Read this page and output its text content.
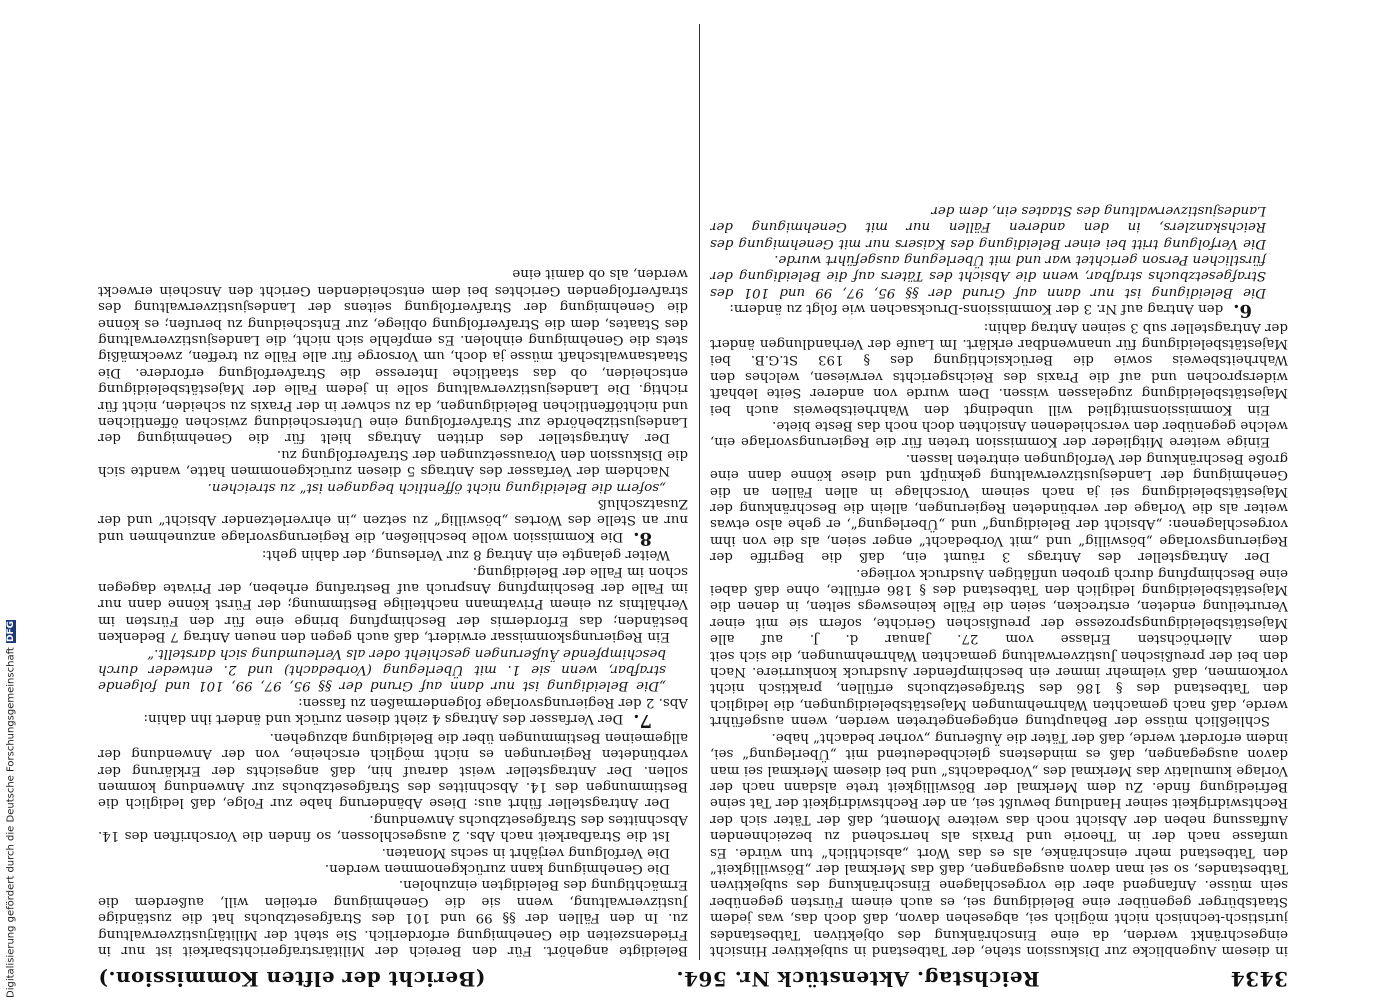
3434
Reichstag. Aktenstück Nr. 564.
(Bericht der elften Kommission.)

in diesem Augenblicke zur Diskussion stehe, der Tatbestand in subjektiver Hinsicht eingeschränkt werden, da eine Einschränkung des objektiven Tatbestandes juristisch-technisch nicht möglich sei, abgesehen davon, daß doch das, was jedem Staatsbürger gegenüber eine Beleidigung sei, es auch einem Fürsten gegenüber sein müsse. Anfangend aber die vorgeschlagene Einschränkung des subjektiven Tatbestandes, so sei man davon ausgegangen, daß das Merkmal der „Böswilligkeit“ den Tatbestand mehr einschränke, als es das Wort „absichtlich“ tun würde. Es umfasse nach der in Theorie und Praxis als herrschend zu bezeichnenden Auffassung neben der Absicht noch das weitere Moment, daß der Täter sich der Rechtswidrigkeit seiner Handlung bewußt sei, an der Rechtswidrigkeit der Tat seine Befriedigung finde. Zu dem Merkmal der Böswilligkeit trete alsdann nach der Vorlage kumulativ das Merkmal des „Vorbedachts“ und bei diesem Merkmal sei man davon ausgegangen, daß es mindestens gleichbedeutend mit „Überlegung“ sei, indem erfordert werde, daß der Täter die Äußerung „vorher bedacht“ habe.

Schließlich müsse der Behauptung entgegengetreten werden, wenn ausgeführt werde, daß nach gemachten Wahrnehmungen Majestätsbeleidigungen, die lediglich den Tatbestand des § 186 des Strafgesetzbuchs erfüllen, praktisch nicht vorkommen, daß vielmehr immer ein beschimpfender Ausdruck konkurriere. Nach den bei der preußischen Justizverwaltung gemachten Wahrnehmungen, die sich seit dem Allerhöchsten Erlasse vom 27. Januar d. J. auf alle Majestätsbeleidigungsprozesse der preußischen Gerichte, sofern sie mit einer Verurteilung endeten, erstrecken, seien die Fälle keineswegs selten, in denen die Majestätsbeleidigung lediglich den Tatbestand des § 186 erfüllte, ohne daß dabei eine Beschimpfung durch groben unflätigen Ausdruck vorliege.

Der Antragsteller des Antrags 3 räumt ein, daß die Begriffe der Regierungsvorlage „böswillig“ und „mit Vorbedacht“ enger seien, als die von ihm vorgeschlagenen: „Absicht der Beleidigung“ und „Überlegung“, er gehe also etwas weiter als die Vorlage der verbündeten Regierungen, allein die Beschränkung der Majestätsbeleidigung sei ja nach seinem Vorschlage in allen Fällen an die Genehmigung der Landesjustizverwaltung geknüpft und diese könne dann eine große Beschränkung der Verfolgungen eintreten lassen.

Einige weitere Mitglieder der Kommission treten für die Regierungsvorlage ein, welche gegenüber den verschiedenen Ansichten doch noch das Beste biete.

Ein Kommissionsmitglied will unbedingt den Wahrheitsbeweis auch bei Majestätsbeleidigung zugelassen wissen. Dem wurde von anderer Seite lebhaft widersprochen und auf die Praxis des Reichsgerichts verwiesen, welches den Wahrheitsbeweis sowie die Berücksichtigung des § 193 St.G.B. bei Majestätsbeleidigung für unanwendbar erklärt. Im Laufe der Verhandlungen ändert der Antragsteller sub 3 seinen Antrag dahin:

6.den Antrag auf Nr. 3 der Kommissions-Drucksachen wie folgt zu ändern:

Die Beleidigung ist nur dann auf Grund der §§ 95, 97, 99 und 101 des Strafgesetzbuchs strafbar, wenn die Absicht des Täters auf die Beleidigung der fürstlichen Person gerichtet war und mit Überlegung ausgeführt wurde.

Die Verfolgung tritt bei einer Beleidigung des Kaisers nur mit Genehmigung des Reichskanzlers, in den anderen Fällen nur mit Genehmigung der Landesjustizverwaltung des Staates ein, dem der

Beleidigte angehört. Für den Bereich der Militärstrafgerichtsbarkeit ist nur in Friedenszeiten die Genehmigung erforderlich. Sie steht der Militärjustizverwaltung zu. In den Fällen der §§ 99 und 101 des Strafgesetzbuchs hat die zuständige Justizverwaltung, wenn sie die Genehmigung erteilen will, außerdem die Ermächtigung des Beleidigten einzuholen.

Die Genehmigung kann zurückgenommen werden.

Die Verfolgung verjährt in sechs Monaten.

Ist die Strafbarkeit nach Abs. 2 ausgeschlossen, so finden die Vorschriften des 14. Abschnittes des Strafgesetzbuchs Anwendung.

Der Antragsteller führt aus: Diese Abänderung habe zur Folge, daß lediglich die Bestimmungen des 14. Abschnittes des Strafgesetzbuchs zur Anwendung kommen sollen. Der Antragsteller weist darauf hin, daß angesichts der Erklärung der verbündeten Regierungen es nicht möglich erscheine, von der Anwendung der allgemeinen Bestimmungen über die Beleidigung abzugehen.

7.Der Verfasser des Antrags 4 zieht diesen zurück und ändert ihn dahin:

Abs. 2 der Regierungsvorlage folgendermaßen zu fassen:

„Die Beleidigung ist nur dann auf Grund der §§ 95, 97, 99, 101 und folgende strafbar, wenn sie 1. mit Überlegung (Vorbedacht) und 2. entweder durch beschimpfende Äußerungen geschieht oder als Verleumdung sich darstellt.“

Ein Regierungskommissar erwidert, daß auch gegen den neuen Antrag 7 Bedenken beständen; das Erfordernis der Beschimpfung bringe eine für den Fürsten im Verhältnis zu einem Privatmann nachteilige Bestimmung; der Fürst könne dann nur im Falle der Beschimpfung Anspruch auf Bestrafung erheben, der Private dagegen schon im Falle der Beleidigung.

Weiter gelangte ein Antrag 8 zur Verlesung, der dahin geht:

8.Die Kommission wolle beschließen, die Regierungsvorlage anzunehmen und nur an Stelle des Wortes „böswillig“ zu setzen „in ehrverletzender Absicht“ und der Zusatzschluß

„sofern die Beleidigung nicht öffentlich begangen ist“ zu streichen.

Nachdem der Verfasser des Antrags 5 diesen zurückgenommen hatte, wandte sich die Diskussion den Voraussetzungen der Strafverfolgung zu.

Der Antragsteller des dritten Antrags hielt für die Genehmigung der Landesjustizbehörde zur Strafverfolgung eine Unterscheidung zwischen öffentlichen und nichtöffentlichen Beleidigungen, da zu schwer in der Praxis zu scheiden, nicht für richtig. Die Landesjustizverwaltung solle in jedem Falle der Majestätsbeleidigung entscheiden, ob das staatliche Interesse die Strafverfolgung erfordere. Die Staatsanwaltschaft müsse ja doch, um Vorsorge für alle Fälle zu treffen, zweckmäßig stets die Genehmigung einholen. Es empfehle sich nicht, die Landesjustizverwaltung des Staates, dem die Strafverfolgung obliege, zur Entscheidung zu berufen; es könne die Genehmigung der Strafverfolgung seitens der Landesjustizverwaltung des strafverfolgenden Gerichtes bei dem entscheidenden Gericht den Anschein erweckt werden, als ob damit eine

Digitalisierung gefördert durch die Deutsche Forschungsgemeinschaft
DFG
